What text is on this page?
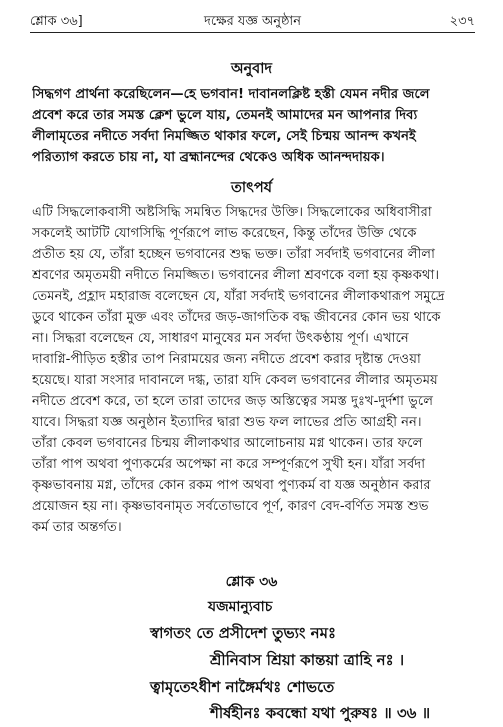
শ্লোক ৩৬]	দক্ষের যজ্ঞ অনুষ্ঠান	২৩৭
অনুবাদ
সিদ্ধগণ প্রার্থনা করেছিলেন—হে ভগবান! দাবানলক্লিষ্ট হস্তী যেমন নদীর জলে
প্রবেশ করে তার সমস্ত ক্লেশ ভুলে যায়, তেমনই আমাদের মন আপনার দিব্য
লীলামৃতের নদীতে সর্বদা নিমজ্জিত থাকার ফলে, সেই চিন্ময় আনন্দ কখনই
পরিত্যাগ করতে চায় না, যা ব্রহ্মানন্দের থেকেও অধিক আনন্দদায়ক।
তাৎপর্য
এটি সিদ্ধলোকবাসী অষ্টসিদ্ধি সমন্বিত সিদ্ধদের উক্তি। সিদ্ধলোকের অধিবাসীরা
সকলেই আটটি যোগসিদ্ধি পূর্ণরূপে লাভ করেছেন, কিন্তু তাঁদের উক্তি থেকে
প্রতীত হয় যে, তাঁরা হচ্ছেন ভগবানের শুদ্ধ ভক্ত। তাঁরা সর্বদাই ভগবানের লীলা
শ্রবণের অমৃতময়ী নদীতে নিমজ্জিত। ভগবানের লীলা শ্রবণকে বলা হয় কৃষ্ণকথা।
তেমনই, প্রহ্লাদ মহারাজ বলেছেন যে, যাঁরা সর্বদাই ভগবানের লীলাকথারূপ সমুদ্রে
ডুবে থাকেন তাঁরা মুক্ত এবং তাঁদের জড়-জাগতিক বদ্ধ জীবনের কোন ভয় থাকে
না। সিদ্ধরা বলেছেন যে, সাধারণ মানুষের মন সর্বদা উৎকণ্ঠায় পূর্ণ। এখানে
দাবাগ্নি-পীড়িত হস্তীর তাপ নিরাময়ের জন্য নদীতে প্রবেশ করার দৃষ্টান্ত দেওয়া
হয়েছে। যারা সংসার দাবানলে দগ্ধ, তারা যদি কেবল ভগবানের লীলার অমৃতময়
নদীতে প্রবেশ করে, তা হলে তারা তাদের জড় অস্তিত্বের সমস্ত দুঃখ-দুর্দশা ভুলে
যাবে। সিদ্ধরা যজ্ঞ অনুষ্ঠান ইত্যাদির দ্বারা শুভ ফল লাভের প্রতি আগ্রহী নন।
তাঁরা কেবল ভগবানের চিন্ময় লীলাকথার আলোচনায় মগ্ন থাকেন। তার ফলে
তাঁরা পাপ অথবা পুণ্যকর্মের অপেক্ষা না করে সম্পূর্ণরূপে সুখী হন। যাঁরা সর্বদা
কৃষ্ণভাবনায় মগ্ন, তাঁদের কোন রকম পাপ অথবা পুণ্যকর্ম বা যজ্ঞ অনুষ্ঠান করার
প্রয়োজন হয় না। কৃষ্ণভাবনামৃত সর্বতোভাবে পূর্ণ, কারণ বেদ-বর্ণিত সমস্ত শুভ
কর্ম তার অন্তর্গত।
শ্লোক ৩৬
যজমান্যুবাচ
স্বাগতং তে প্রসীদেশ তুভ্যং নমঃ
শ্রীনিবাস শ্রিয়া কান্তয়া ত্রাহি নঃ ।
ত্বামৃতেঽধীশ নাঙ্গৈর্মখঃ শোভতে
শীর্ষহীনঃ কবন্ধো যথা পুরুষঃ ॥ ৩৬ ॥
